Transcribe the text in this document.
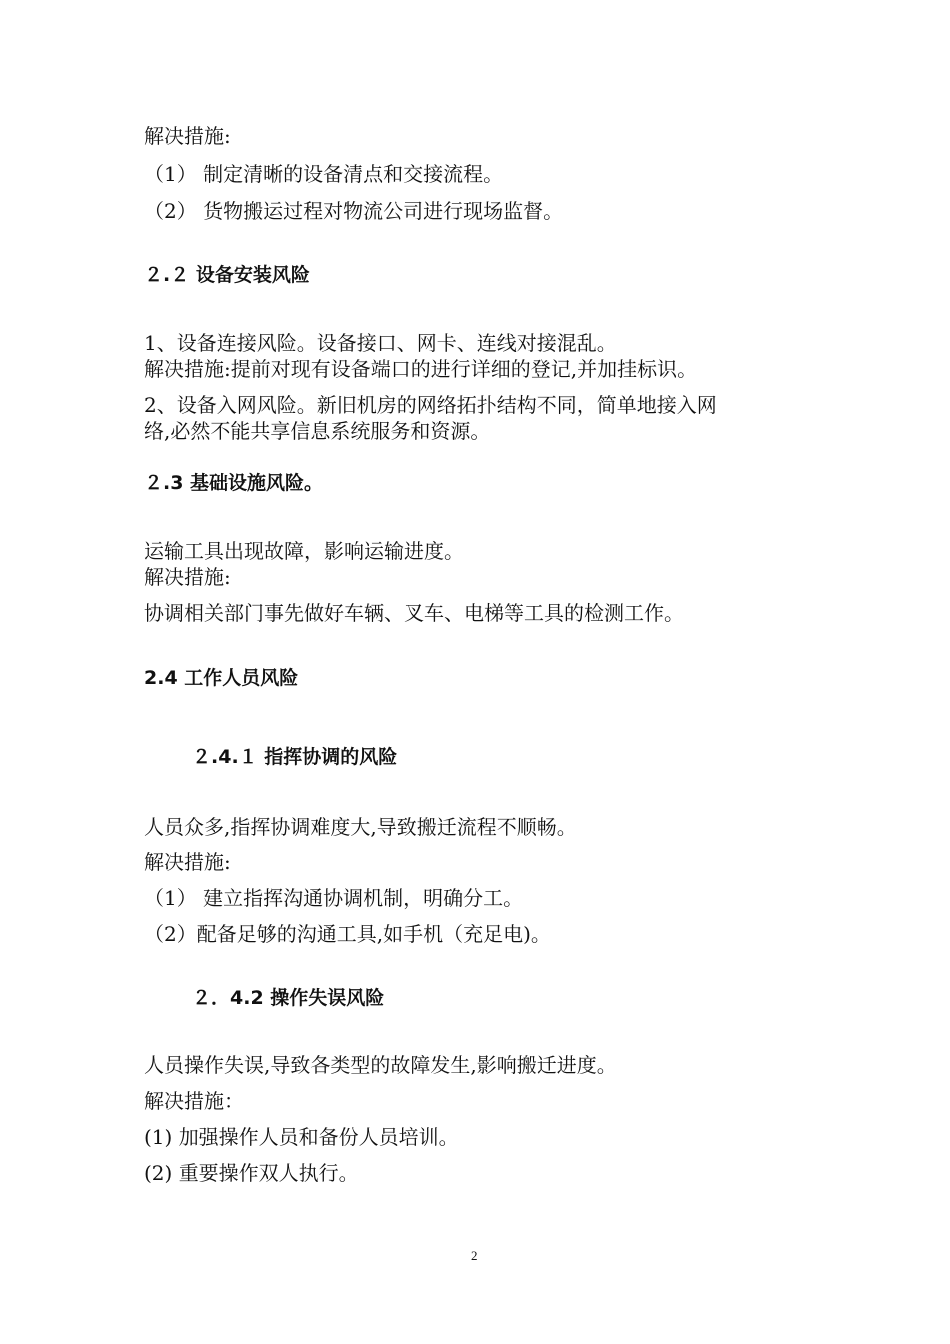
解决措施:
（1） 制定清晰的设备清点和交接流程。
（2） 货物搬运过程对物流公司进行现场监督。
２.２ 设备安装风险
1、设备连接风险。设备接口、网卡、连线对接混乱。
解决措施:提前对现有设备端口的进行详细的登记,并加挂标识。
2、设备入网风险。新旧机房的网络拓扑结构不同，简单地接入网
络,必然不能共享信息系统服务和资源。
２.3 基础设施风险。
运输工具出现故障，影响运输进度。
解决措施:
协调相关部门事先做好车辆、叉车、电梯等工具的检测工作。
2.4 工作人员风险
２.4.１ 指挥协调的风险
人员众多,指挥协调难度大,导致搬迁流程不顺畅。
解决措施:
（1） 建立指挥沟通协调机制，明确分工。
（2）配备足够的沟通工具,如手机（充足电)。
２．4.2 操作失误风险
人员操作失误,导致各类型的故障发生,影响搬迁进度。
解决措施：
(1) 加强操作人员和备份人员培训。
(2) 重要操作双人执行。
2
